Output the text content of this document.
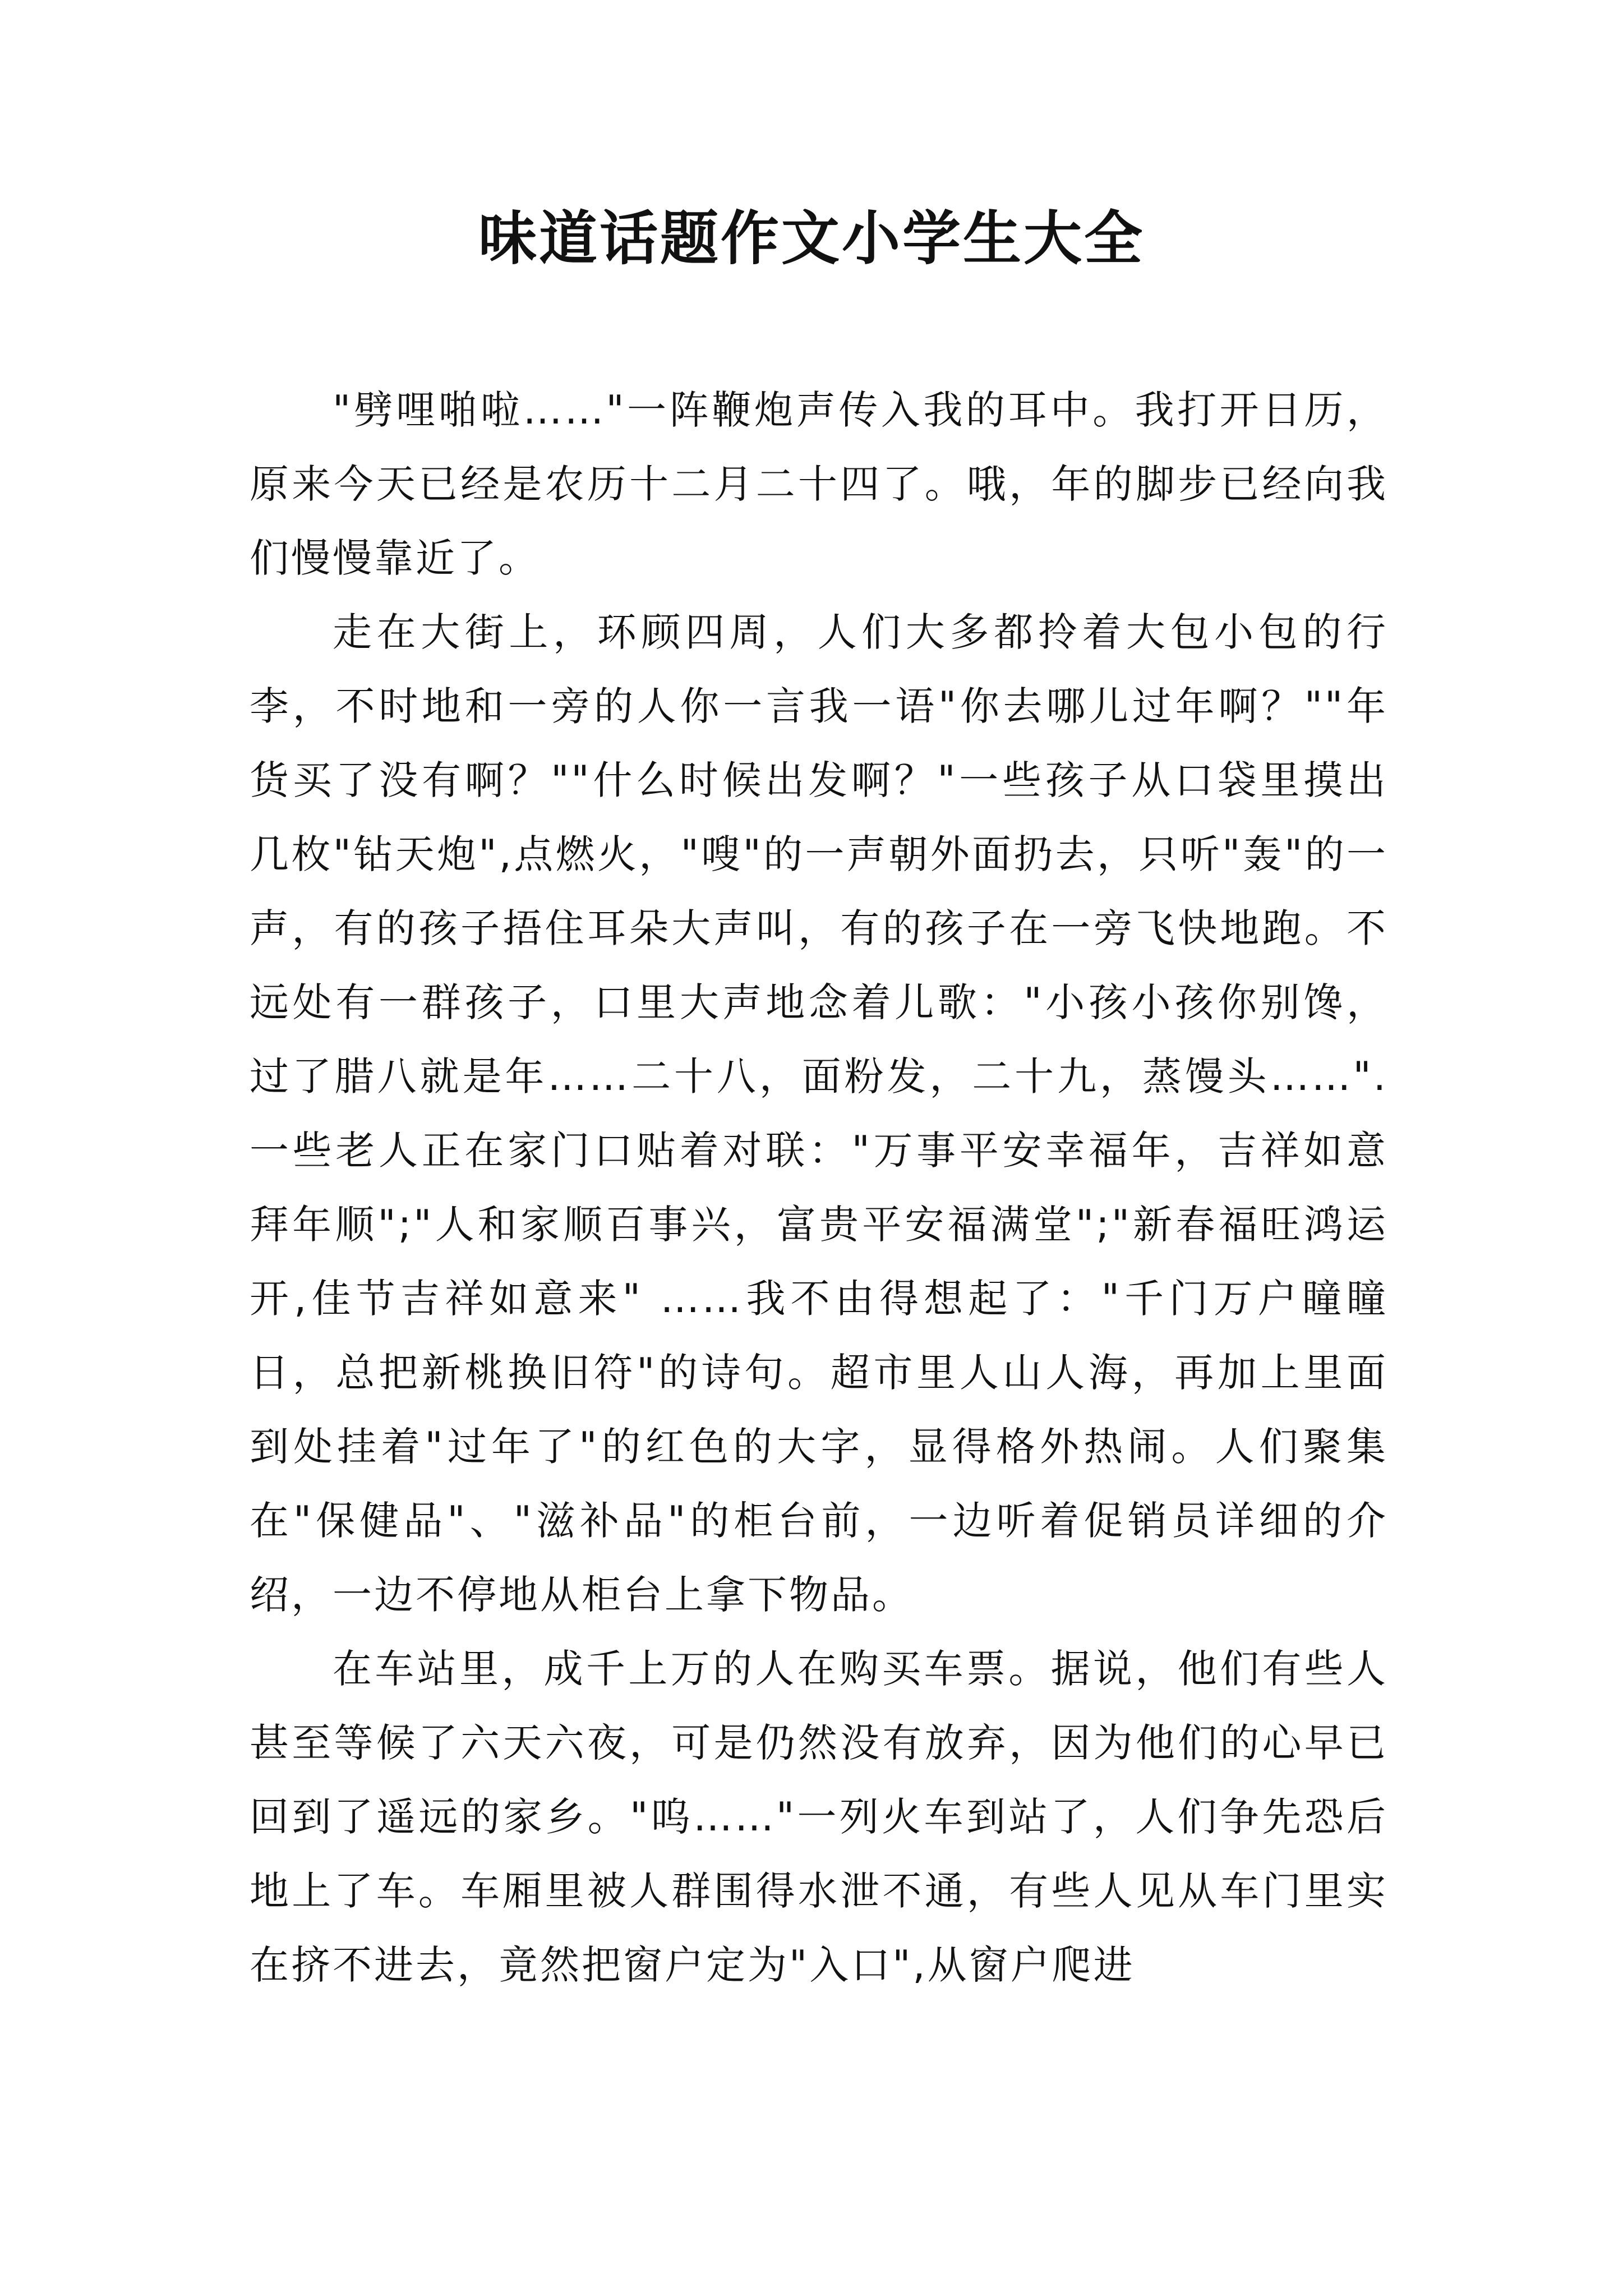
味道话题作文小学生大全

"劈哩啪啦……"一阵鞭炮声传入我的耳中。我打开日历，原来今天已经是农历十二月二十四了。哦，年的脚步已经向我们慢慢靠近了。

走在大街上，环顾四周，人们大多都拎着大包小包的行李，不时地和一旁的人你一言我一语"你去哪儿过年啊？""年货买了没有啊？""什么时候出发啊？"一些孩子从口袋里摸出几枚"钻天炮",点燃火，"嗖"的一声朝外面扔去，只听"轰"的一声，有的孩子捂住耳朵大声叫，有的孩子在一旁飞快地跑。不远处有一群孩子，口里大声地念着儿歌："小孩小孩你别馋，过了腊八就是年……二十八，面粉发，二十九，蒸馒头……".一些老人正在家门口贴着对联："万事平安幸福年，吉祥如意拜年顺";"人和家顺百事兴，富贵平安福满堂";"新春福旺鸿运开,佳节吉祥如意来" ……我不由得想起了："千门万户瞳瞳日，总把新桃换旧符"的诗句。超市里人山人海，再加上里面到处挂着"过年了"的红色的大字，显得格外热闹。人们聚集在"保健品"、"滋补品"的柜台前，一边听着促销员详细的介绍，一边不停地从柜台上拿下物品。

在车站里，成千上万的人在购买车票。据说，他们有些人甚至等候了六天六夜，可是仍然没有放弃，因为他们的心早已回到了遥远的家乡。"呜……"一列火车到站了，人们争先恐后地上了车。车厢里被人群围得水泄不通，有些人见从车门里实在挤不进去，竟然把窗户定为"入口",从窗户爬进
